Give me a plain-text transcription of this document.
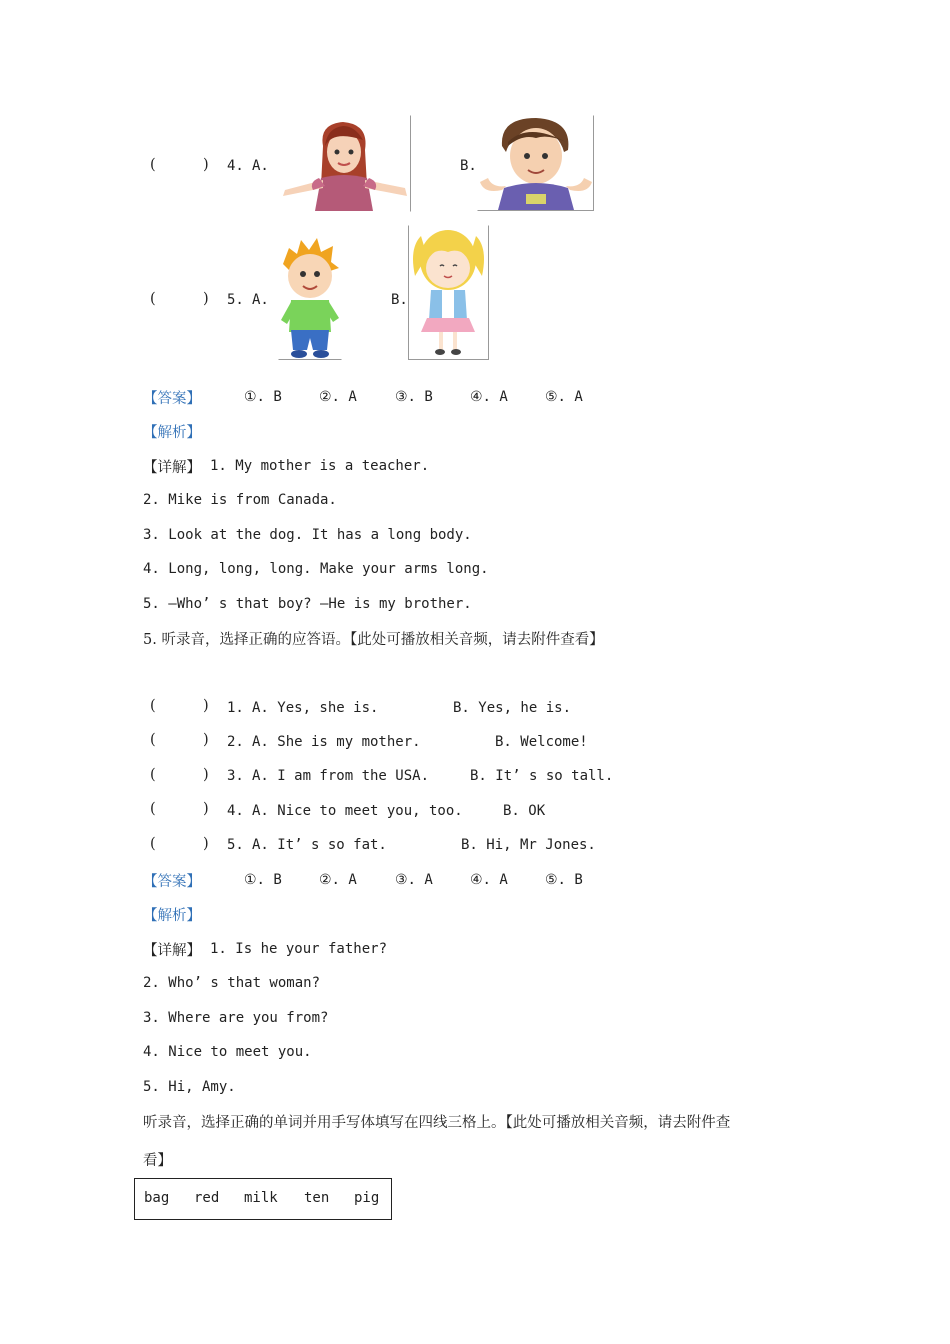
(	) 4. A.	B.
(	) 5. A.	B.
【答案】	①. B	②. A	③. B	④. A	⑤. A
【解析】
【详解】 1. My mother is a teacher.
2. Mike is from Canada.
3. Look at the dog. It has a long body.
4. Long, long, long. Make your arms long.
5. —Who’ s that boy? —He is my brother.
5. 听录音，选择正确的应答语。【此处可播放相关音频，请去附件查看】
(	) 1. A. Yes, she is.	B. Yes, he is.
(	) 2. A. She is my mother.	B. Welcome!
(	) 3. A. I am from the USA.	B. It’ s so tall.
(	) 4. A. Nice to meet you, too.	B. OK
(	) 5. A. It’ s so fat.	B. Hi, Mr Jones.
【答案】	①. B	②. A	③. A	④. A	⑤. B
【解析】
【详解】 1. Is he your father?
2. Who’ s that woman?
3. Where are you from?
4. Nice to meet you.
5. Hi, Amy.
听录音，选择正确的单词并用手写体填写在四线三格上。【此处可播放相关音频，请去附件查
看】
bag red milk ten pig
